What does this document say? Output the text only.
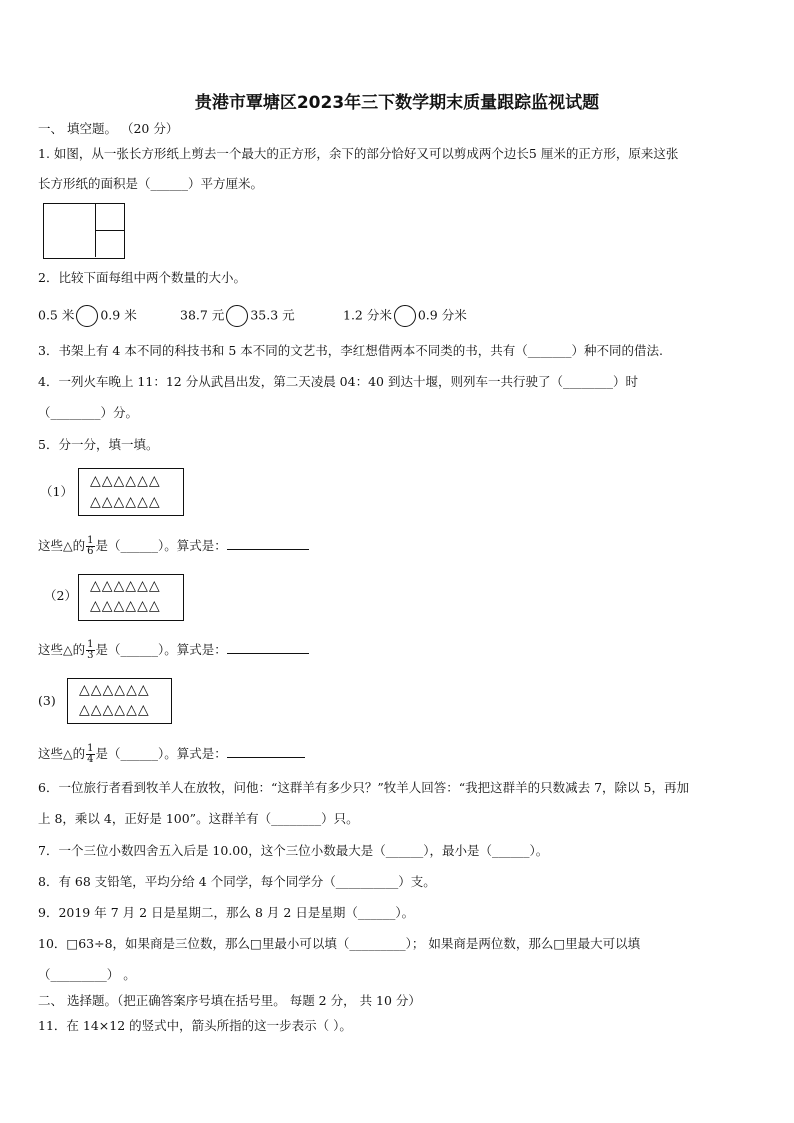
贵港市覃塘区2023年三下数学期末质量跟踪监视试题
一、 填空题。 （20 分）
1. 如图，从一张长方形纸上剪去一个最大的正方形，余下的部分恰好又可以剪成两个边长5 厘米的正方形，原来这张
长方形纸的面积是（______）平方厘米。
2．比较下面每组中两个数量的大小。
0.5 米 0.9 米	38.7 元 35.3 元	1.2 分米 0.9 分米
3．书架上有 4 本不同的科技书和 5 本不同的文艺书，李红想借两本不同类的书，共有（_______）种不同的借法.
4．一列火车晚上 11：12 分从武昌出发，第二天凌晨 04：40 到达十堰，则列车一共行驶了（________）时
（________）分。
5．分一分，填一填。
（1）
△△△△△△
△△△△△△
这些△的 $\frac{1}{6}$ 是（______）。算式是：
（2）
△△△△△△
△△△△△△
这些△的 $\frac{1}{3}$ 是（______）。算式是：
(3)
△△△△△△
△△△△△△
这些△的 $\frac{1}{4}$ 是（______）。算式是：
6．一位旅行者看到牧羊人在放牧，问他：“这群羊有多少只？”牧羊人回答：“我把这群羊的只数减去 7，除以 5，再加
上 8，乘以 4，正好是 100”。这群羊有（________）只。
7．一个三位小数四舍五入后是 10.00，这个三位小数最大是（______），最小是（______）。
8．有 68 支铅笔，平均分给 4 个同学，每个同学分（__________）支。
9．2019 年 7 月 2 日是星期二，那么 8 月 2 日是星期（______）。
10．□63÷8，如果商是三位数，那么□里最小可以填（_________）； 如果商是两位数，那么□里最大可以填
（_________） 。
二、 选择题。（把正确答案序号填在括号里。 每题 2 分， 共 10 分）
11．在 14×12 的竖式中，箭头所指的这一步表示（ ）。
